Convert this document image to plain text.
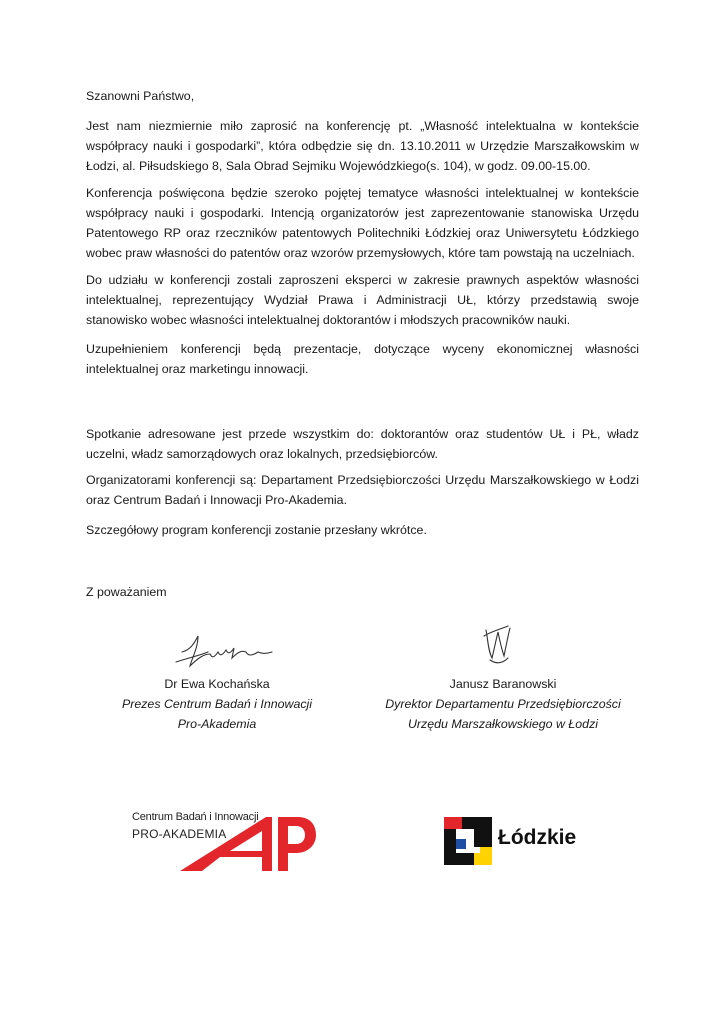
Szanowni Państwo,

Jest nam niezmiernie miło zaprosić na konferencję pt. „Własność intelektualna w kontekście współpracy nauki i gospodarki”, która odbędzie się dn. 13.10.2011 w Urzędzie Marszałkowskim w Łodzi, al. Piłsudskiego 8, Sala Obrad Sejmiku Wojewódzkiego(s. 104), w godz. 09.00-15.00.

Konferencja poświęcona będzie szeroko pojętej tematyce własności intelektualnej w kontekście współpracy nauki i gospodarki. Intencją organizatorów jest zaprezentowanie stanowiska Urzędu Patentowego RP oraz rzeczników patentowych Politechniki Łódzkiej oraz Uniwersytetu Łódzkiego wobec praw własności do patentów oraz wzorów przemysłowych, które tam powstają na uczelniach.

Do udziału w konferencji zostali zaproszeni eksperci w zakresie prawnych aspektów własności intelektualnej, reprezentujący Wydział Prawa i Administracji UŁ, którzy przedstawią swoje stanowisko wobec własności intelektualnej doktorantów i młodszych pracowników nauki.

Uzupełnieniem konferencji będą prezentacje, dotyczące wyceny ekonomicznej własności intelektualnej oraz marketingu innowacji.

Spotkanie adresowane jest przede wszystkim do: doktorantów oraz studentów UŁ i PŁ, władz uczelni, władz samorządowych oraz lokalnych, przedsiębiorców.

Organizatorami konferencji są: Departament Przedsiębiorczości Urzędu Marszałkowskiego w Łodzi oraz Centrum Badań i Innowacji Pro-Akademia.

Szczegółowy program konferencji zostanie przesłany wkrótce.

Z poważaniem

Dr Ewa Kochańska
Prezes Centrum Badań i Innowacji
Pro-Akademia
Janusz Baranowski
Dyrektor Departamentu Przedsiębiorczości
Urzędu Marszałkowskiego w Łodzi
Centrum Badań i Innowacji
PRO-AKADEMIA	Łódzkie
